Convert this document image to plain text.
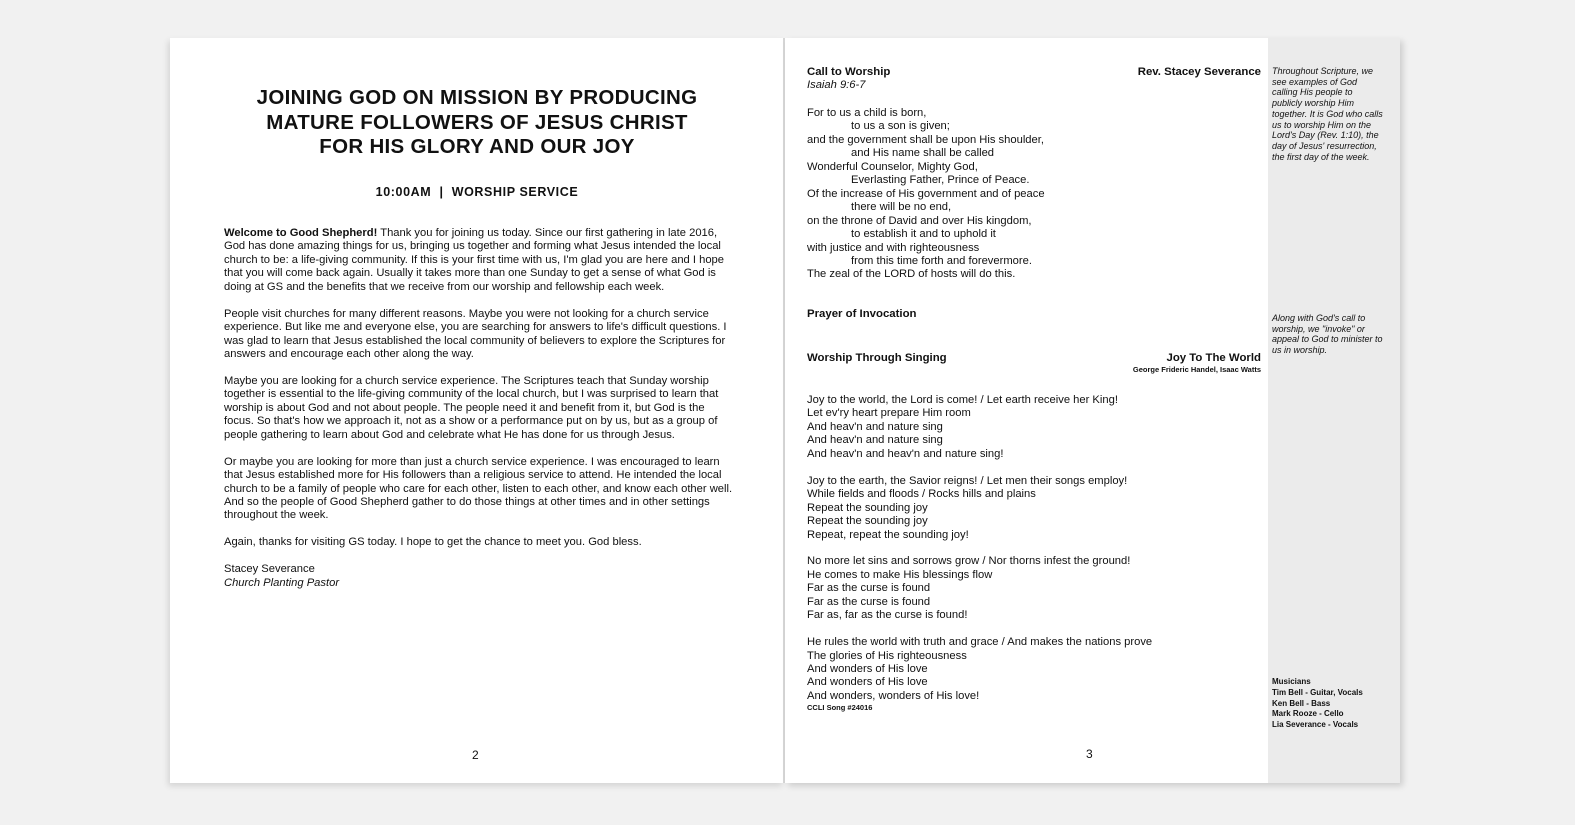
JOINING GOD ON MISSION BY PRODUCING
MATURE FOLLOWERS OF JESUS CHRIST
FOR HIS GLORY AND OUR JOY
10:00AM | WORSHIP SERVICE

Welcome to Good Shepherd! Thank you for joining us today. Since our first gathering in late 2016, God has done amazing things for us, bringing us together and forming what Jesus intended the local church to be: a life-giving community. If this is your first time with us, I'm glad you are here and I hope that you will come back again. Usually it takes more than one Sunday to get a sense of what God is doing at GS and the benefits that we receive from our worship and fellowship each week.

People visit churches for many different reasons. Maybe you were not looking for a church service experience. But like me and everyone else, you are searching for answers to life's difficult questions. I was glad to learn that Jesus established the local community of believers to explore the Scriptures for answers and encourage each other along the way.

Maybe you are looking for a church service experience. The Scriptures teach that Sunday worship together is essential to the life-giving community of the local church, but I was surprised to learn that worship is about God and not about people. The people need it and benefit from it, but God is the focus. So that's how we approach it, not as a show or a performance put on by us, but as a group of people gathering to learn about God and celebrate what He has done for us through Jesus.

Or maybe you are looking for more than just a church service experience. I was encouraged to learn that Jesus established more for His followers than a religious service to attend. He intended the local church to be a family of people who care for each other, listen to each other, and know each other well. And so the people of Good Shepherd gather to do those things at other times and in other settings throughout the week.

Again, thanks for visiting GS today. I hope to get the chance to meet you. God bless.

Stacey Severance
Church Planting Pastor
2
Call to Worship	Rev. Stacey Severance
Isaiah 9:6-7
For to us a child is born,
to us a son is given;
and the government shall be upon His shoulder,
and His name shall be called
Wonderful Counselor, Mighty God,
Everlasting Father, Prince of Peace.
Of the increase of His government and of peace
there will be no end,
on the throne of David and over His kingdom,
to establish it and to uphold it
with justice and with righteousness
from this time forth and forevermore.
The zeal of the LORD of hosts will do this.
Prayer of Invocation
Worship Through Singing	Joy To The World
George Frideric Handel, Isaac Watts
Joy to the world, the Lord is come! / Let earth receive her King!
Let ev'ry heart prepare Him room
And heav'n and nature sing
And heav'n and nature sing
And heav'n and heav'n and nature sing!
Joy to the earth, the Savior reigns! / Let men their songs employ!
While fields and floods / Rocks hills and plains
Repeat the sounding joy
Repeat the sounding joy
Repeat, repeat the sounding joy!
No more let sins and sorrows grow / Nor thorns infest the ground!
He comes to make His blessings flow
Far as the curse is found
Far as the curse is found
Far as, far as the curse is found!
He rules the world with truth and grace / And makes the nations prove
The glories of His righteousness
And wonders of His love
And wonders of His love
And wonders, wonders of His love!
CCLI Song #24016
3
Throughout Scripture, we see examples of God calling His people to publicly worship Him together. It is God who calls us to worship Him on the Lord's Day (Rev. 1:10), the day of Jesus' resurrection, the first day of the week.
Along with God's call to worship, we "invoke" or appeal to God to minister to us in worship.
Musicians
Tim Bell - Guitar, Vocals
Ken Bell - Bass
Mark Rooze - Cello
Lia Severance - Vocals
